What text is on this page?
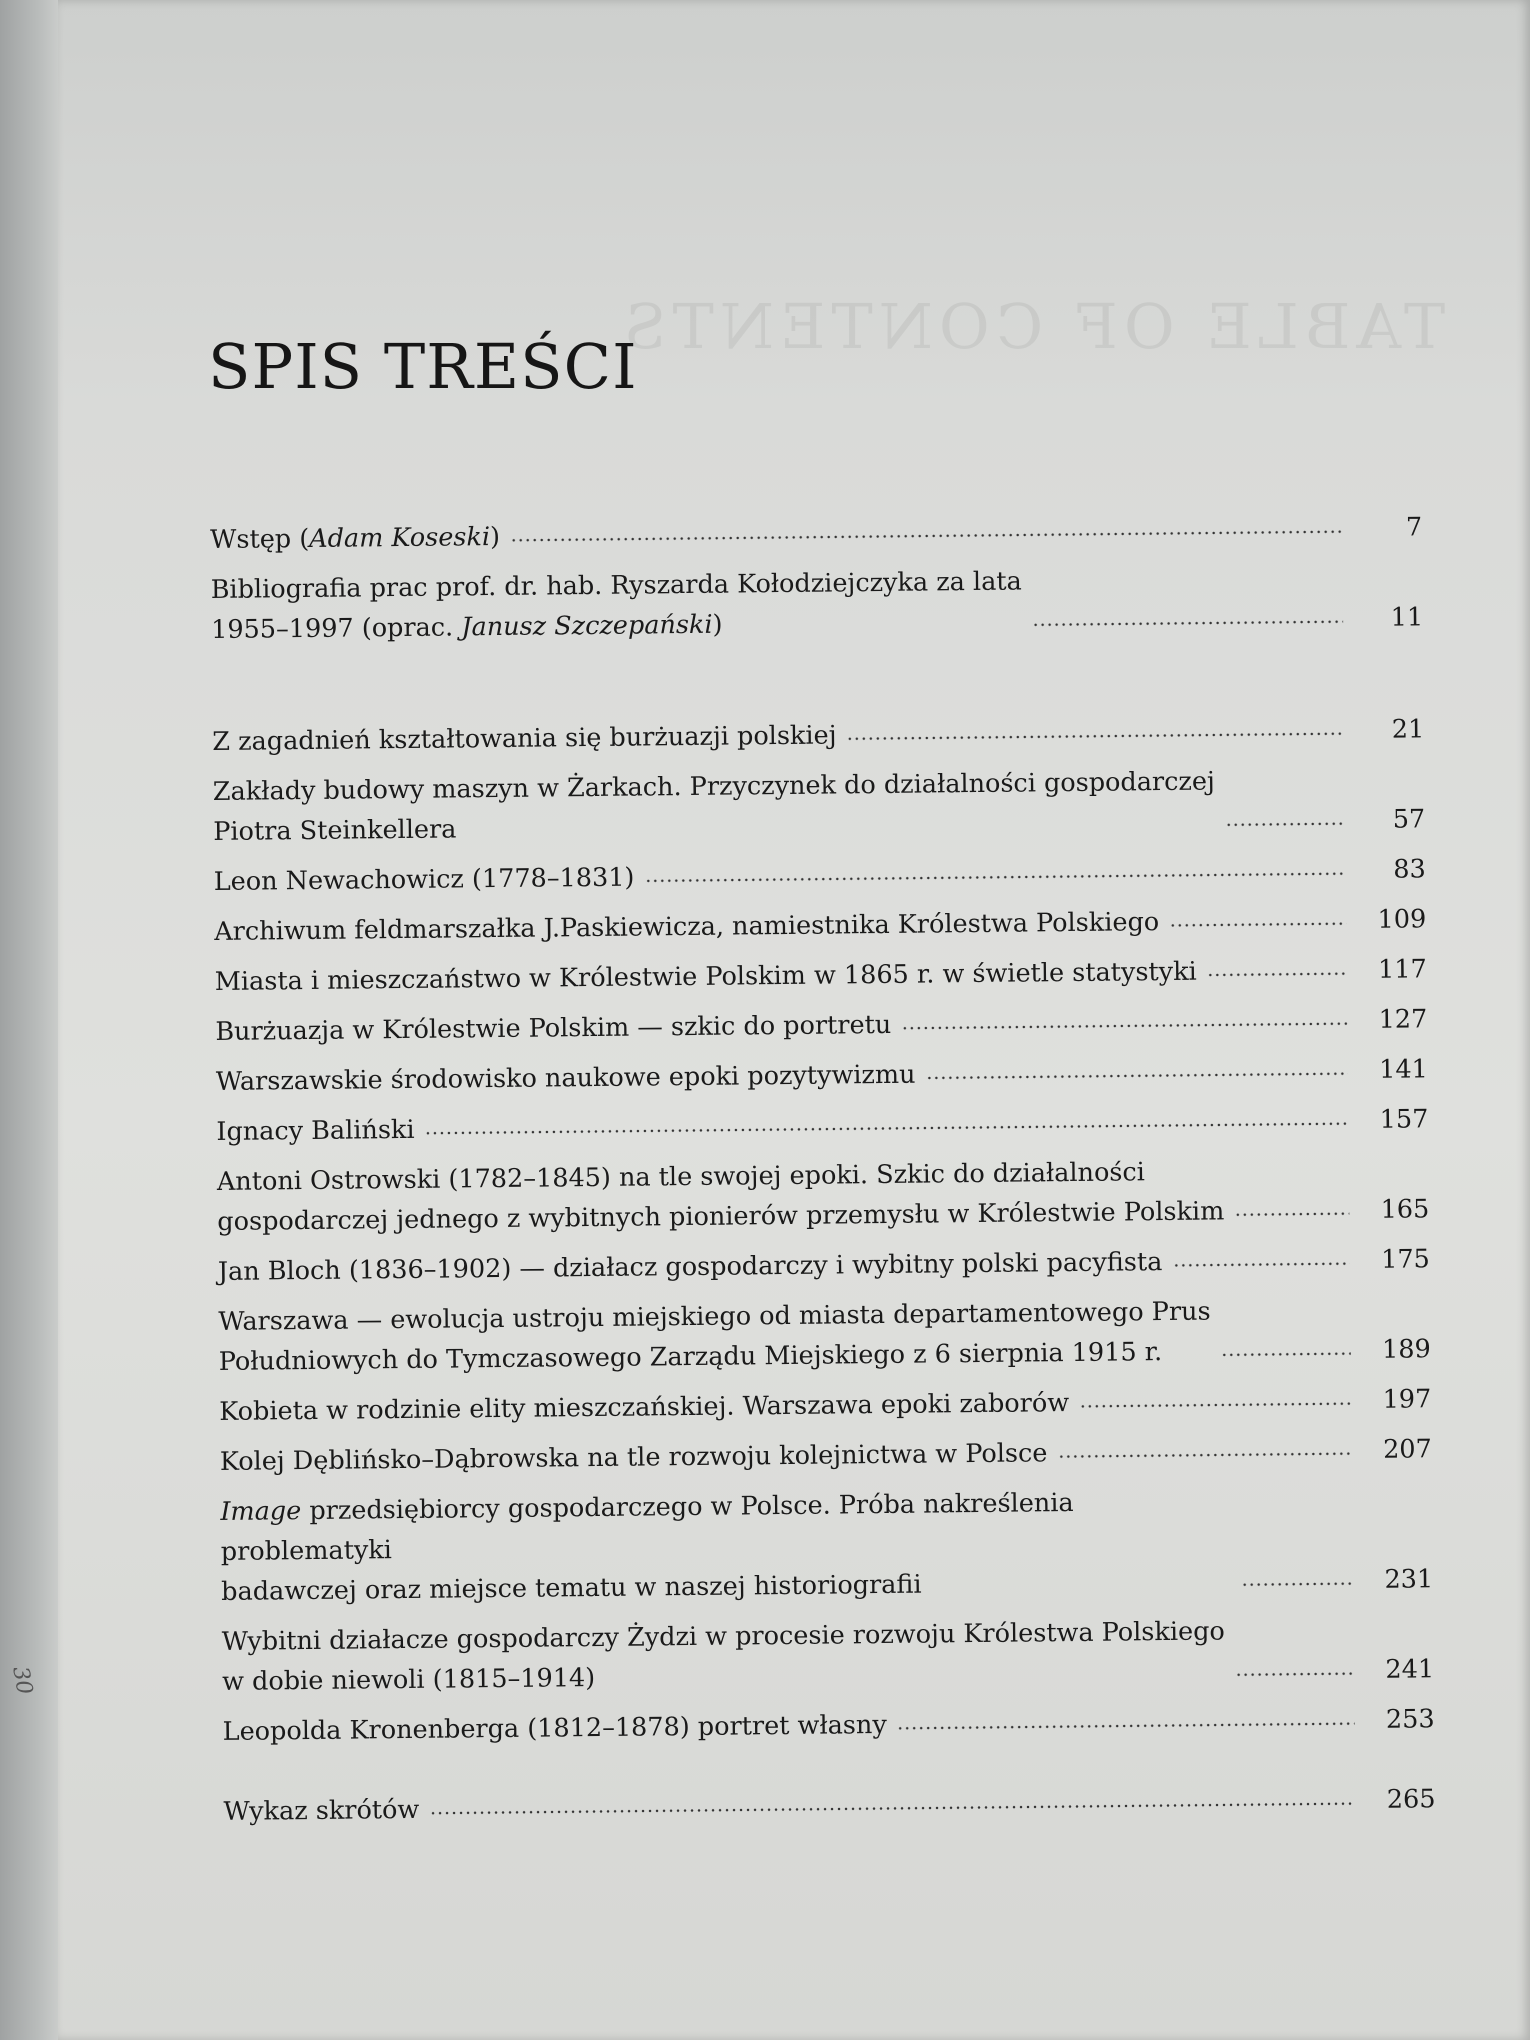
TABLE OF CONTENTS
SPIS TREŚCI
Wstęp (Adam Koseski)	7
Bibliografia prac prof. dr. hab. Ryszarda Kołodziejczyka za lata
1955–1997 (oprac. Janusz Szczepański)	11
Z zagadnień kształtowania się burżuazji polskiej	21
Zakłady budowy maszyn w Żarkach. Przyczynek do działalności gospodarczej
Piotra Steinkellera	57
Leon Newachowicz (1778–1831)	83
Archiwum feldmarszałka J.Paskiewicza, namiestnika Królestwa Polskiego	109
Miasta i mieszczaństwo w Królestwie Polskim w 1865 r. w świetle statystyki	117
Burżuazja w Królestwie Polskim — szkic do portretu	127
Warszawskie środowisko naukowe epoki pozytywizmu	141
Ignacy Baliński	157
Antoni Ostrowski (1782–1845) na tle swojej epoki. Szkic do działalności
gospodarczej jednego z wybitnych pionierów przemysłu w Królestwie Polskim	165
Jan Bloch (1836–1902) — działacz gospodarczy i wybitny polski pacyfista	175
Warszawa — ewolucja ustroju miejskiego od miasta departamentowego Prus
Południowych do Tymczasowego Zarządu Miejskiego z 6 sierpnia 1915 r.	189
Kobieta w rodzinie elity mieszczańskiej. Warszawa epoki zaborów	197
Kolej Dęblińsko–Dąbrowska na tle rozwoju kolejnictwa w Polsce	207
Image przedsiębiorcy gospodarczego w Polsce. Próba nakreślenia problematyki
badawczej oraz miejsce tematu w naszej historiografii	231
Wybitni działacze gospodarczy Żydzi w procesie rozwoju Królestwa Polskiego
w dobie niewoli (1815–1914)	241
Leopolda Kronenberga (1812–1878) portret własny	253
Wykaz skrótów	265
30
